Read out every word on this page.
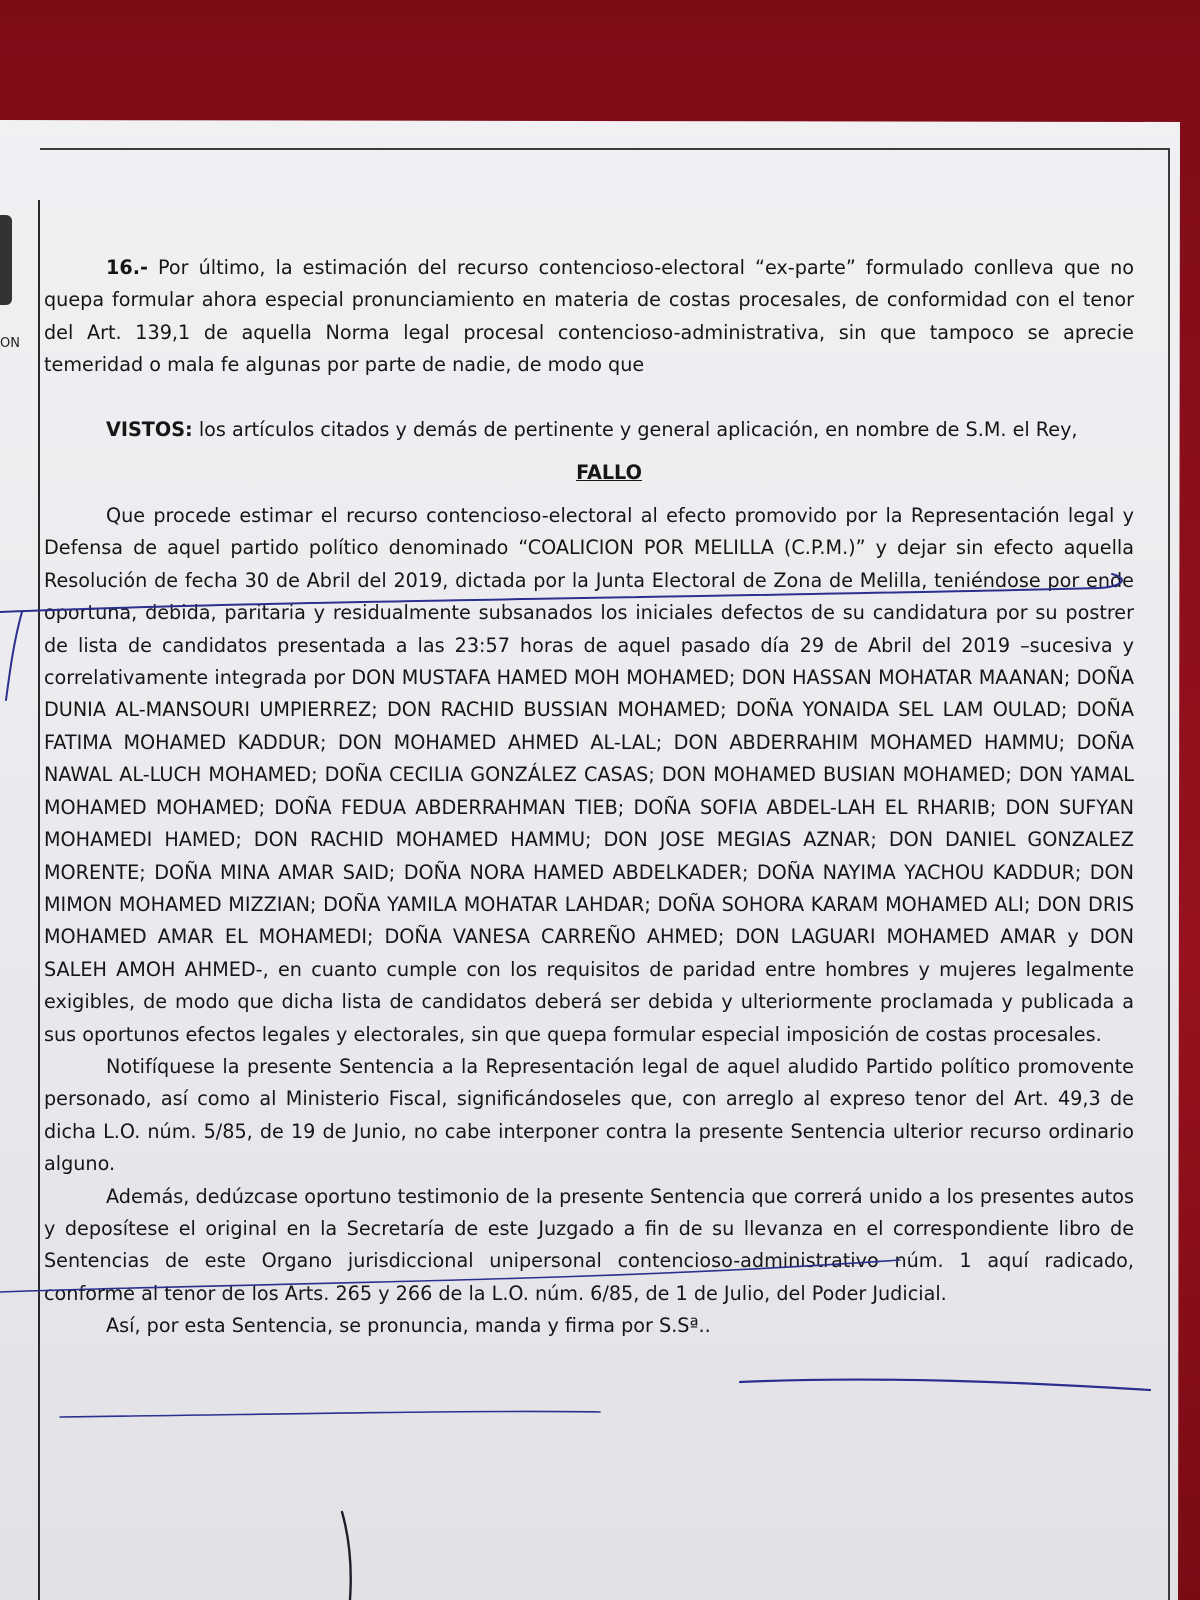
ON

16.- Por último, la estimación del recurso contencioso-electoral “ex-parte” formulado conlleva que no quepa formular ahora especial pronunciamiento en materia de costas procesales, de conformidad con el tenor del Art. 139,1 de aquella Norma legal procesal contencioso-administrativa, sin que tampoco se aprecie temeridad o mala fe algunas por parte de nadie, de modo que

VISTOS: los artículos citados y demás de pertinente y general aplicación, en nombre de S.M. el Rey,

FALLO

Que procede estimar el recurso contencioso-electoral al efecto promovido por la Representación legal y Defensa de aquel partido político denominado “COALICION POR MELILLA (C.P.M.)” y dejar sin efecto aquella Resolución de fecha 30 de Abril del 2019, dictada por la Junta Electoral de Zona de Melilla, teniéndose por ende oportuna, debida, paritaria y residualmente subsanados los iniciales defectos de su candidatura por su postrer de lista de candidatos presentada a las 23:57 horas de aquel pasado día 29 de Abril del 2019 –sucesiva y correlativamente integrada por DON MUSTAFA HAMED MOH MOHAMED; DON HASSAN MOHATAR MAANAN; DOÑA DUNIA AL-MANSOURI UMPIERREZ; DON RACHID BUSSIAN MOHAMED; DOÑA YONAIDA SEL LAM OULAD; DOÑA FATIMA MOHAMED KADDUR; DON MOHAMED AHMED AL-LAL; DON ABDERRAHIM MOHAMED HAMMU; DOÑA NAWAL AL-LUCH MOHAMED; DOÑA CECILIA GONZÁLEZ CASAS; DON MOHAMED BUSIAN MOHAMED; DON YAMAL MOHAMED MOHAMED; DOÑA FEDUA ABDERRAHMAN TIEB; DOÑA SOFIA ABDEL-LAH EL RHARIB; DON SUFYAN MOHAMEDI HAMED; DON RACHID MOHAMED HAMMU; DON JOSE MEGIAS AZNAR; DON DANIEL GONZALEZ MORENTE; DOÑA MINA AMAR SAID; DOÑA NORA HAMED ABDELKADER; DOÑA NAYIMA YACHOU KADDUR; DON MIMON MOHAMED MIZZIAN; DOÑA YAMILA MOHATAR LAHDAR; DOÑA SOHORA KARAM MOHAMED ALI; DON DRIS MOHAMED AMAR EL MOHAMEDI; DOÑA VANESA CARREÑO AHMED; DON LAGUARI MOHAMED AMAR y DON SALEH AMOH AHMED-, en cuanto cumple con los requisitos de paridad entre hombres y mujeres legalmente exigibles, de modo que dicha lista de candidatos deberá ser debida y ulteriormente proclamada y publicada a sus oportunos efectos legales y electorales, sin que quepa formular especial imposición de costas procesales.

Notifíquese la presente Sentencia a la Representación legal de aquel aludido Partido político promovente personado, así como al Ministerio Fiscal, significándoseles que, con arreglo al expreso tenor del Art. 49,3 de dicha L.O. núm. 5/85, de 19 de Junio, no cabe interponer contra la presente Sentencia ulterior recurso ordinario alguno.

Además, dedúzcase oportuno testimonio de la presente Sentencia que correrá unido a los presentes autos y deposítese el original en la Secretaría de este Juzgado a fin de su llevanza en el correspondiente libro de Sentencias de este Organo jurisdiccional unipersonal contencioso-administrativo núm. 1 aquí radicado, conforme al tenor de los Arts. 265 y 266 de la L.O. núm. 6/85, de 1 de Julio, del Poder Judicial.

Así, por esta Sentencia, se pronuncia, manda y firma por S.Sª..
